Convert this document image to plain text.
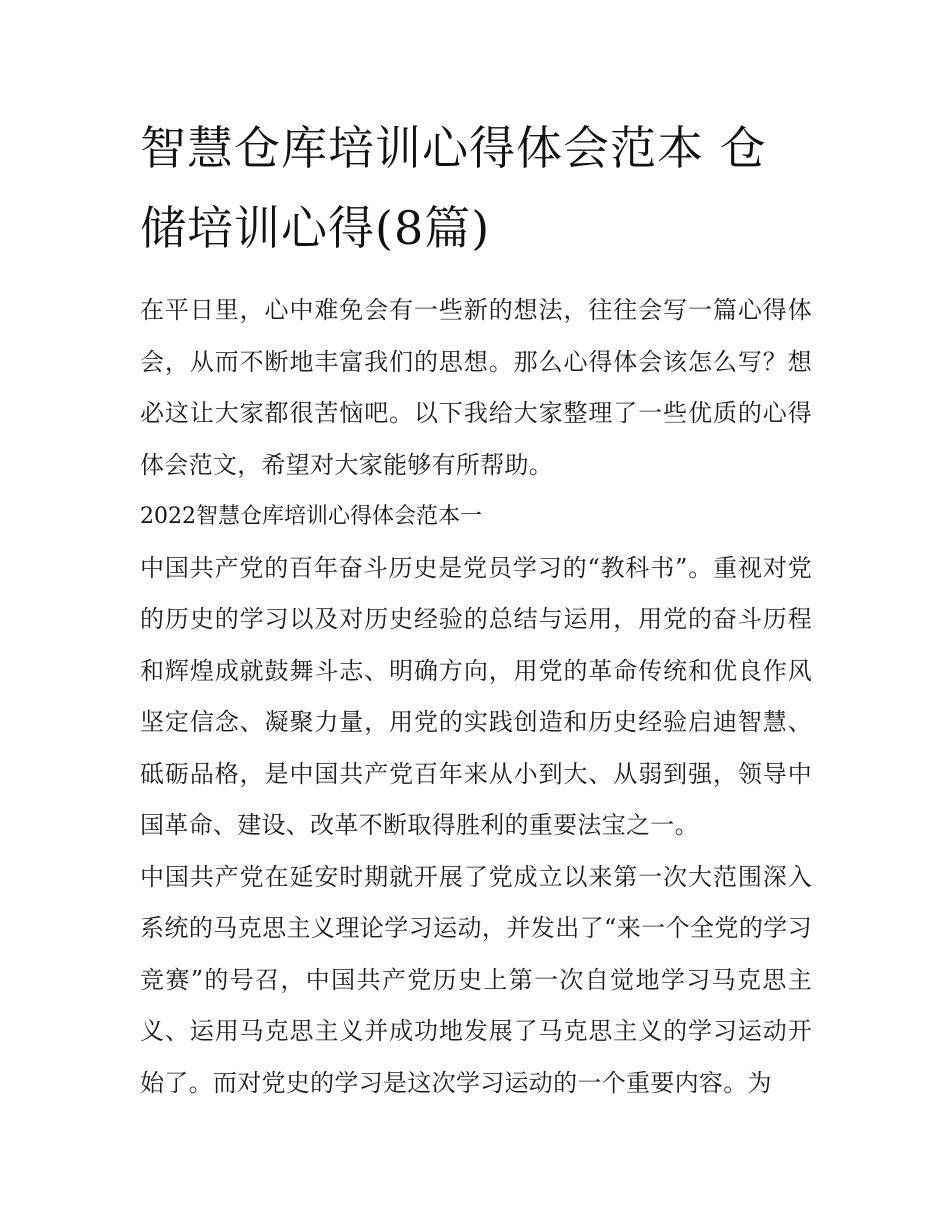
智慧仓库培训心得体会范本 仓储培训心得(8篇)

在平日里，心中难免会有一些新的想法，往往会写一篇心得体会，从而不断地丰富我们的思想。那么心得体会该怎么写？想必这让大家都很苦恼吧。以下我给大家整理了一些优质的心得体会范文，希望对大家能够有所帮助。

2022智慧仓库培训心得体会范本一

中国共产党的百年奋斗历史是党员学习的“教科书”。重视对党的历史的学习以及对历史经验的总结与运用，用党的奋斗历程和辉煌成就鼓舞斗志、明确方向，用党的革命传统和优良作风坚定信念、凝聚力量，用党的实践创造和历史经验启迪智慧、砥砺品格，是中国共产党百年来从小到大、从弱到强，领导中国革命、建设、改革不断取得胜利的重要法宝之一。

中国共产党在延安时期就开展了党成立以来第一次大范围深入系统的马克思主义理论学习运动，并发出了“来一个全党的学习竞赛”的号召，中国共产党历史上第一次自觉地学习马克思主义、运用马克思主义并成功地发展了马克思主义的学习运动开始了。而对党史的学习是这次学习运动的一个重要内容。为
